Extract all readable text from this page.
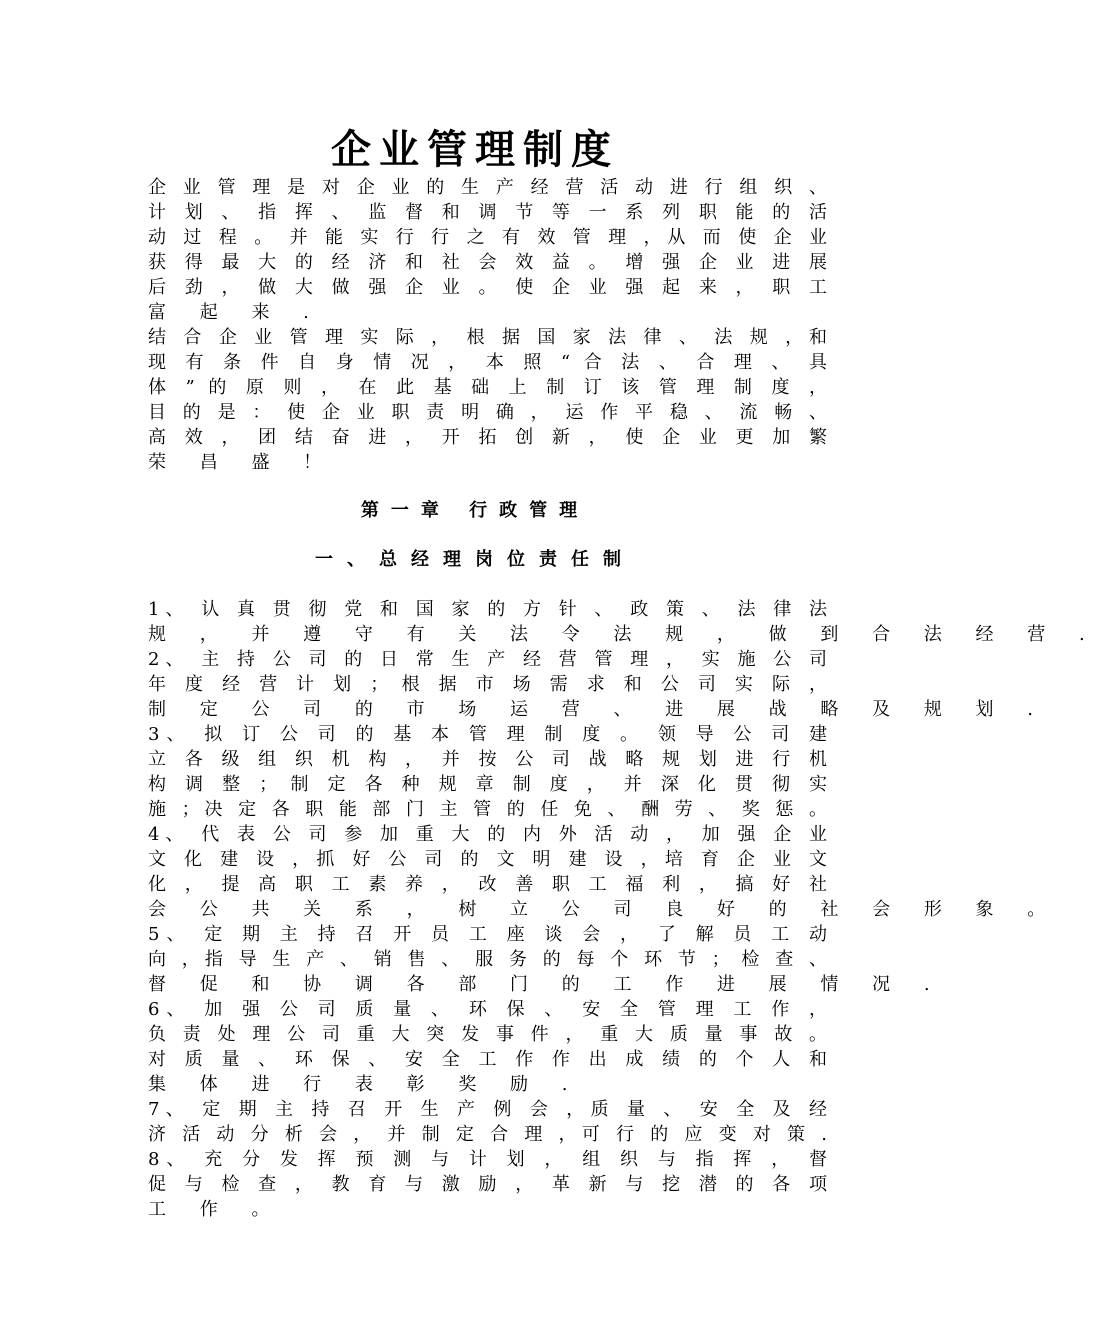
企业管理制度
企 业 管 理 是 对 企 业 的 生 产 经 营 活 动 进 行 组 织 、
计 划 、 指 挥 、 监 督 和 调 节 等 一 系 列 职 能 的 活
动 过 程 。 并 能 实 行 行 之 有 效 管 理 ，从 而 使 企 业
获 得 最 大 的 经 济 和 社 会 效 益 。 增 强 企 业 进 展
后 劲 ， 做 大 做 强 企 业 。 使 企 业 强 起 来 ， 职 工
富 起 来 .
结 合 企 业 管 理 实 际 ， 根 据 国 家 法 律 、 法 规 ，和
现 有 条 件 自 身 情 况 ， 本 照 “ 合 法 、 合 理 、 具
体 ” 的 原 则 ， 在 此 基 础 上 制 订 该 管 理 制 度 ，
目 的 是 ： 使 企 业 职 责 明 确 ， 运 作 平 稳 、 流 畅 、
高 效 ， 团 结 奋 进 ， 开 拓 创 新 ， 使 企 业 更 加 繁
荣 昌 盛 ！
第一章 行政管理
一、总经理岗位责任制
1、 认 真 贯 彻 党 和 国 家 的 方 针 、 政 策 、 法 律 法
规 ， 并 遵 守 有 关 法 令 法 规 ， 做 到 合 法 经 营 .
2、 主 持 公 司 的 日 常 生 产 经 营 管 理 ， 实 施 公 司
年 度 经 营 计 划 ； 根 据 市 场 需 求 和 公 司 实 际 ，
制 定 公 司 的 市 场 运 营 、 进 展 战 略 及 规 划 .
3、 拟 订 公 司 的 基 本 管 理 制 度 。 领 导 公 司 建
立 各 级 组 织 机 构 ， 并 按 公 司 战 略 规 划 进 行 机
构 调 整 ； 制 定 各 种 规 章 制 度 ， 并 深 化 贯 彻 实
施 ；决 定 各 职 能 部 门 主 管 的 任 免 、 酬 劳 、 奖 惩 。
4、 代 表 公 司 参 加 重 大 的 内 外 活 动 ， 加 强 企 业
文 化 建 设 ，抓 好 公 司 的 文 明 建 设 ，培 育 企 业 文
化 ， 提 高 职 工 素 养 ， 改 善 职 工 福 利 ， 搞 好 社
会 公 共 关 系 ， 树 立 公 司 良 好 的 社 会 形 象 。
5、 定 期 主 持 召 开 员 工 座 谈 会 ， 了 解 员 工 动
向 ，指 导 生 产 、 销 售 、 服 务 的 每 个 环 节 ； 检 查 、
督 促 和 协 调 各 部 门 的 工 作 进 展 情 况 .
6、 加 强 公 司 质 量 、 环 保 、 安 全 管 理 工 作 ，
负 责 处 理 公 司 重 大 突 发 事 件 ， 重 大 质 量 事 故 。
对 质 量 、 环 保 、 安 全 工 作 作 出 成 绩 的 个 人 和
集 体 进 行 表 彰 奖 励 .
7、 定 期 主 持 召 开 生 产 例 会 ，质 量 、 安 全 及 经
济 活 动 分 析 会 ， 并 制 定 合 理 ，可 行 的 应 变 对 策 .
8、 充 分 发 挥 预 测 与 计 划 ， 组 织 与 指 挥 ， 督
促 与 检 查 ， 教 育 与 激 励 ， 革 新 与 挖 潜 的 各 项
工 作 。
